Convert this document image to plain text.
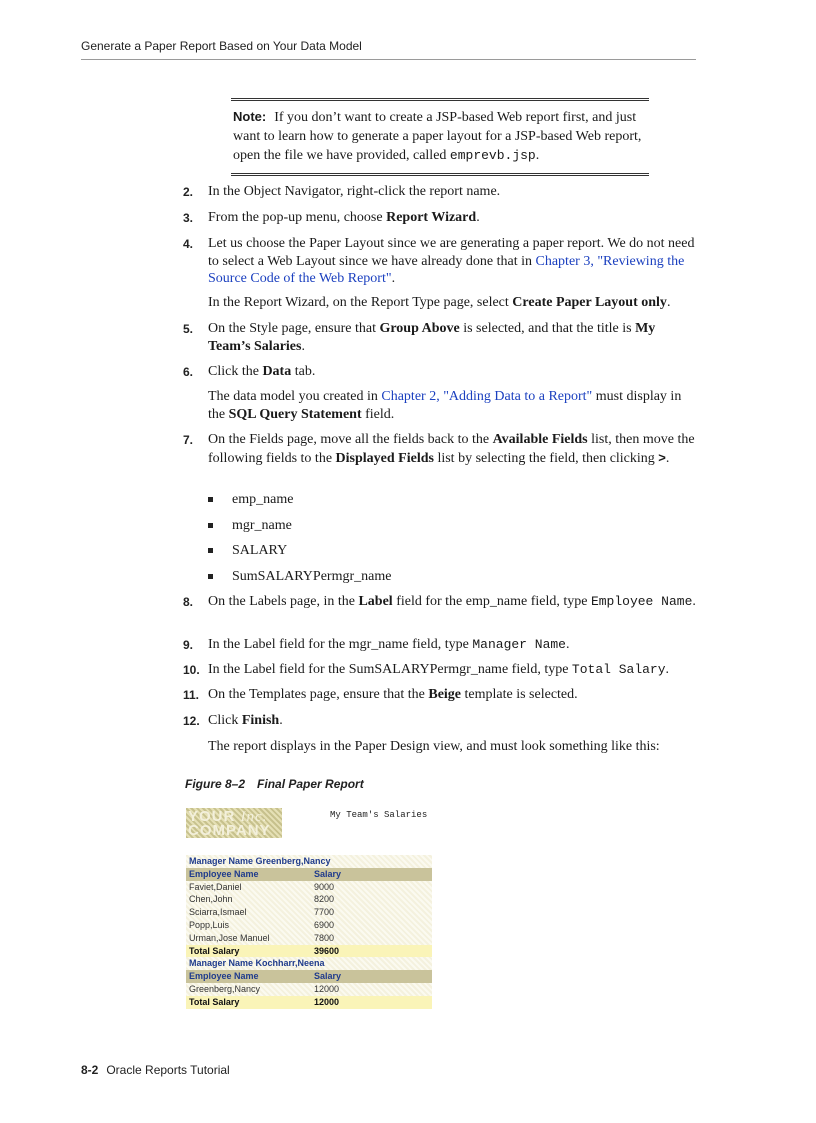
Generate a Paper Report Based on Your Data Model
Note: If you don’t want to create a JSP-based Web report first, and just want to learn how to generate a paper layout for a JSP-based Web report, open the file we have provided, called emprevb.jsp.
2.	In the Object Navigator, right-click the report name.
3.	From the pop-up menu, choose Report Wizard.
4.	Let us choose the Paper Layout since we are generating a paper report. We do not need to select a Web Layout since we have already done that in Chapter 3, "Reviewing the Source Code of the Web Report".
In the Report Wizard, on the Report Type page, select Create Paper Layout only.
5.	On the Style page, ensure that Group Above is selected, and that the title is My Team’s Salaries.
6.	Click the Data tab.
The data model you created in Chapter 2, "Adding Data to a Report" must display in the SQL Query Statement field.
7.	On the Fields page, move all the fields back to the Available Fields list, then move the following fields to the Displayed Fields list by selecting the field, then clicking >.
emp_name
mgr_name
SALARY
SumSALARYPermgr_name
8.	On the Labels page, in the Label field for the emp_name field, type Employee Name.
9.	In the Label field for the mgr_name field, type Manager Name.
10. In the Label field for the SumSALARYPermgr_name field, type Total Salary.
11. On the Templates page, ensure that the Beige template is selected.
12. Click Finish.
The report displays in the Paper Design view, and must look something like this:
Figure 8–2 Final Paper Report
YOUR Inc.
COMPANY
My Team's Salaries
Manager Name Greenberg,Nancy	
Employee Name	Salary
Faviet,Daniel	9000
Chen,John	8200
Sciarra,Ismael	7700
Popp,Luis	6900
Urman,Jose Manuel	7800
Total Salary	39600
Manager Name Kochharr,Neena	
Employee Name	Salary
Greenberg,Nancy	12000
Total Salary	12000
8-2 Oracle Reports Tutorial
